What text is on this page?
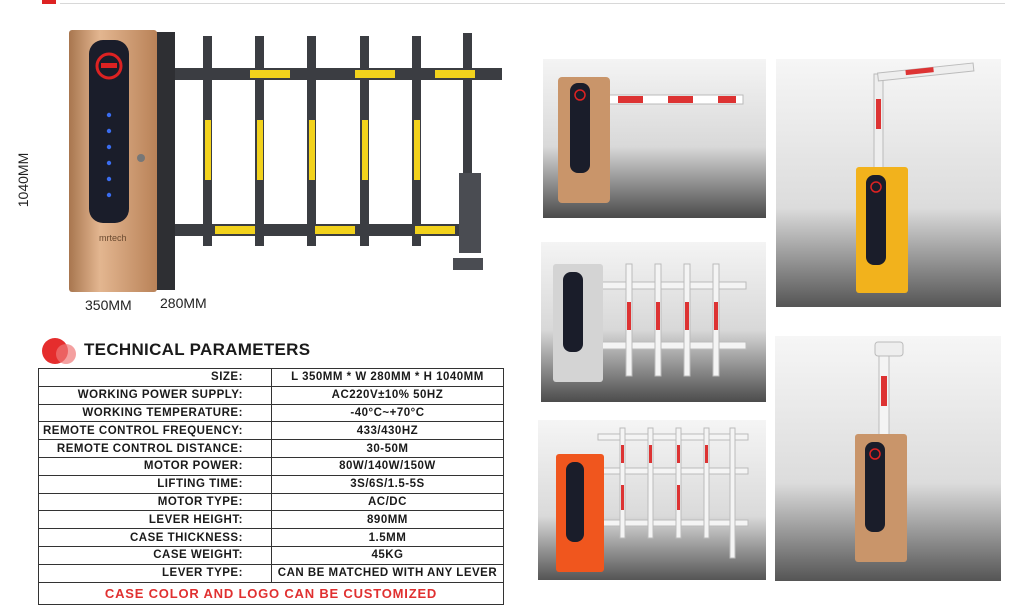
1040MM
350MM 280MM
mrtech
TECHNICAL PARAMETERS
SIZE:	L 350MM * W 280MM * H 1040MM
WORKING POWER SUPPLY:	AC220V±10% 50HZ
WORKING TEMPERATURE:	-40°C~+70°C
REMOTE CONTROL FREQUENCY:	433/430HZ
REMOTE CONTROL DISTANCE:	30-50M
MOTOR POWER:	80W/140W/150W
LIFTING TIME:	3S/6S/1.5-5S
MOTOR TYPE:	AC/DC
LEVER HEIGHT:	890MM
CASE THICKNESS:	1.5MM
CASE WEIGHT:	45KG
LEVER TYPE:	CAN BE MATCHED WITH ANY LEVER
CASE COLOR AND LOGO CAN BE CUSTOMIZED	
